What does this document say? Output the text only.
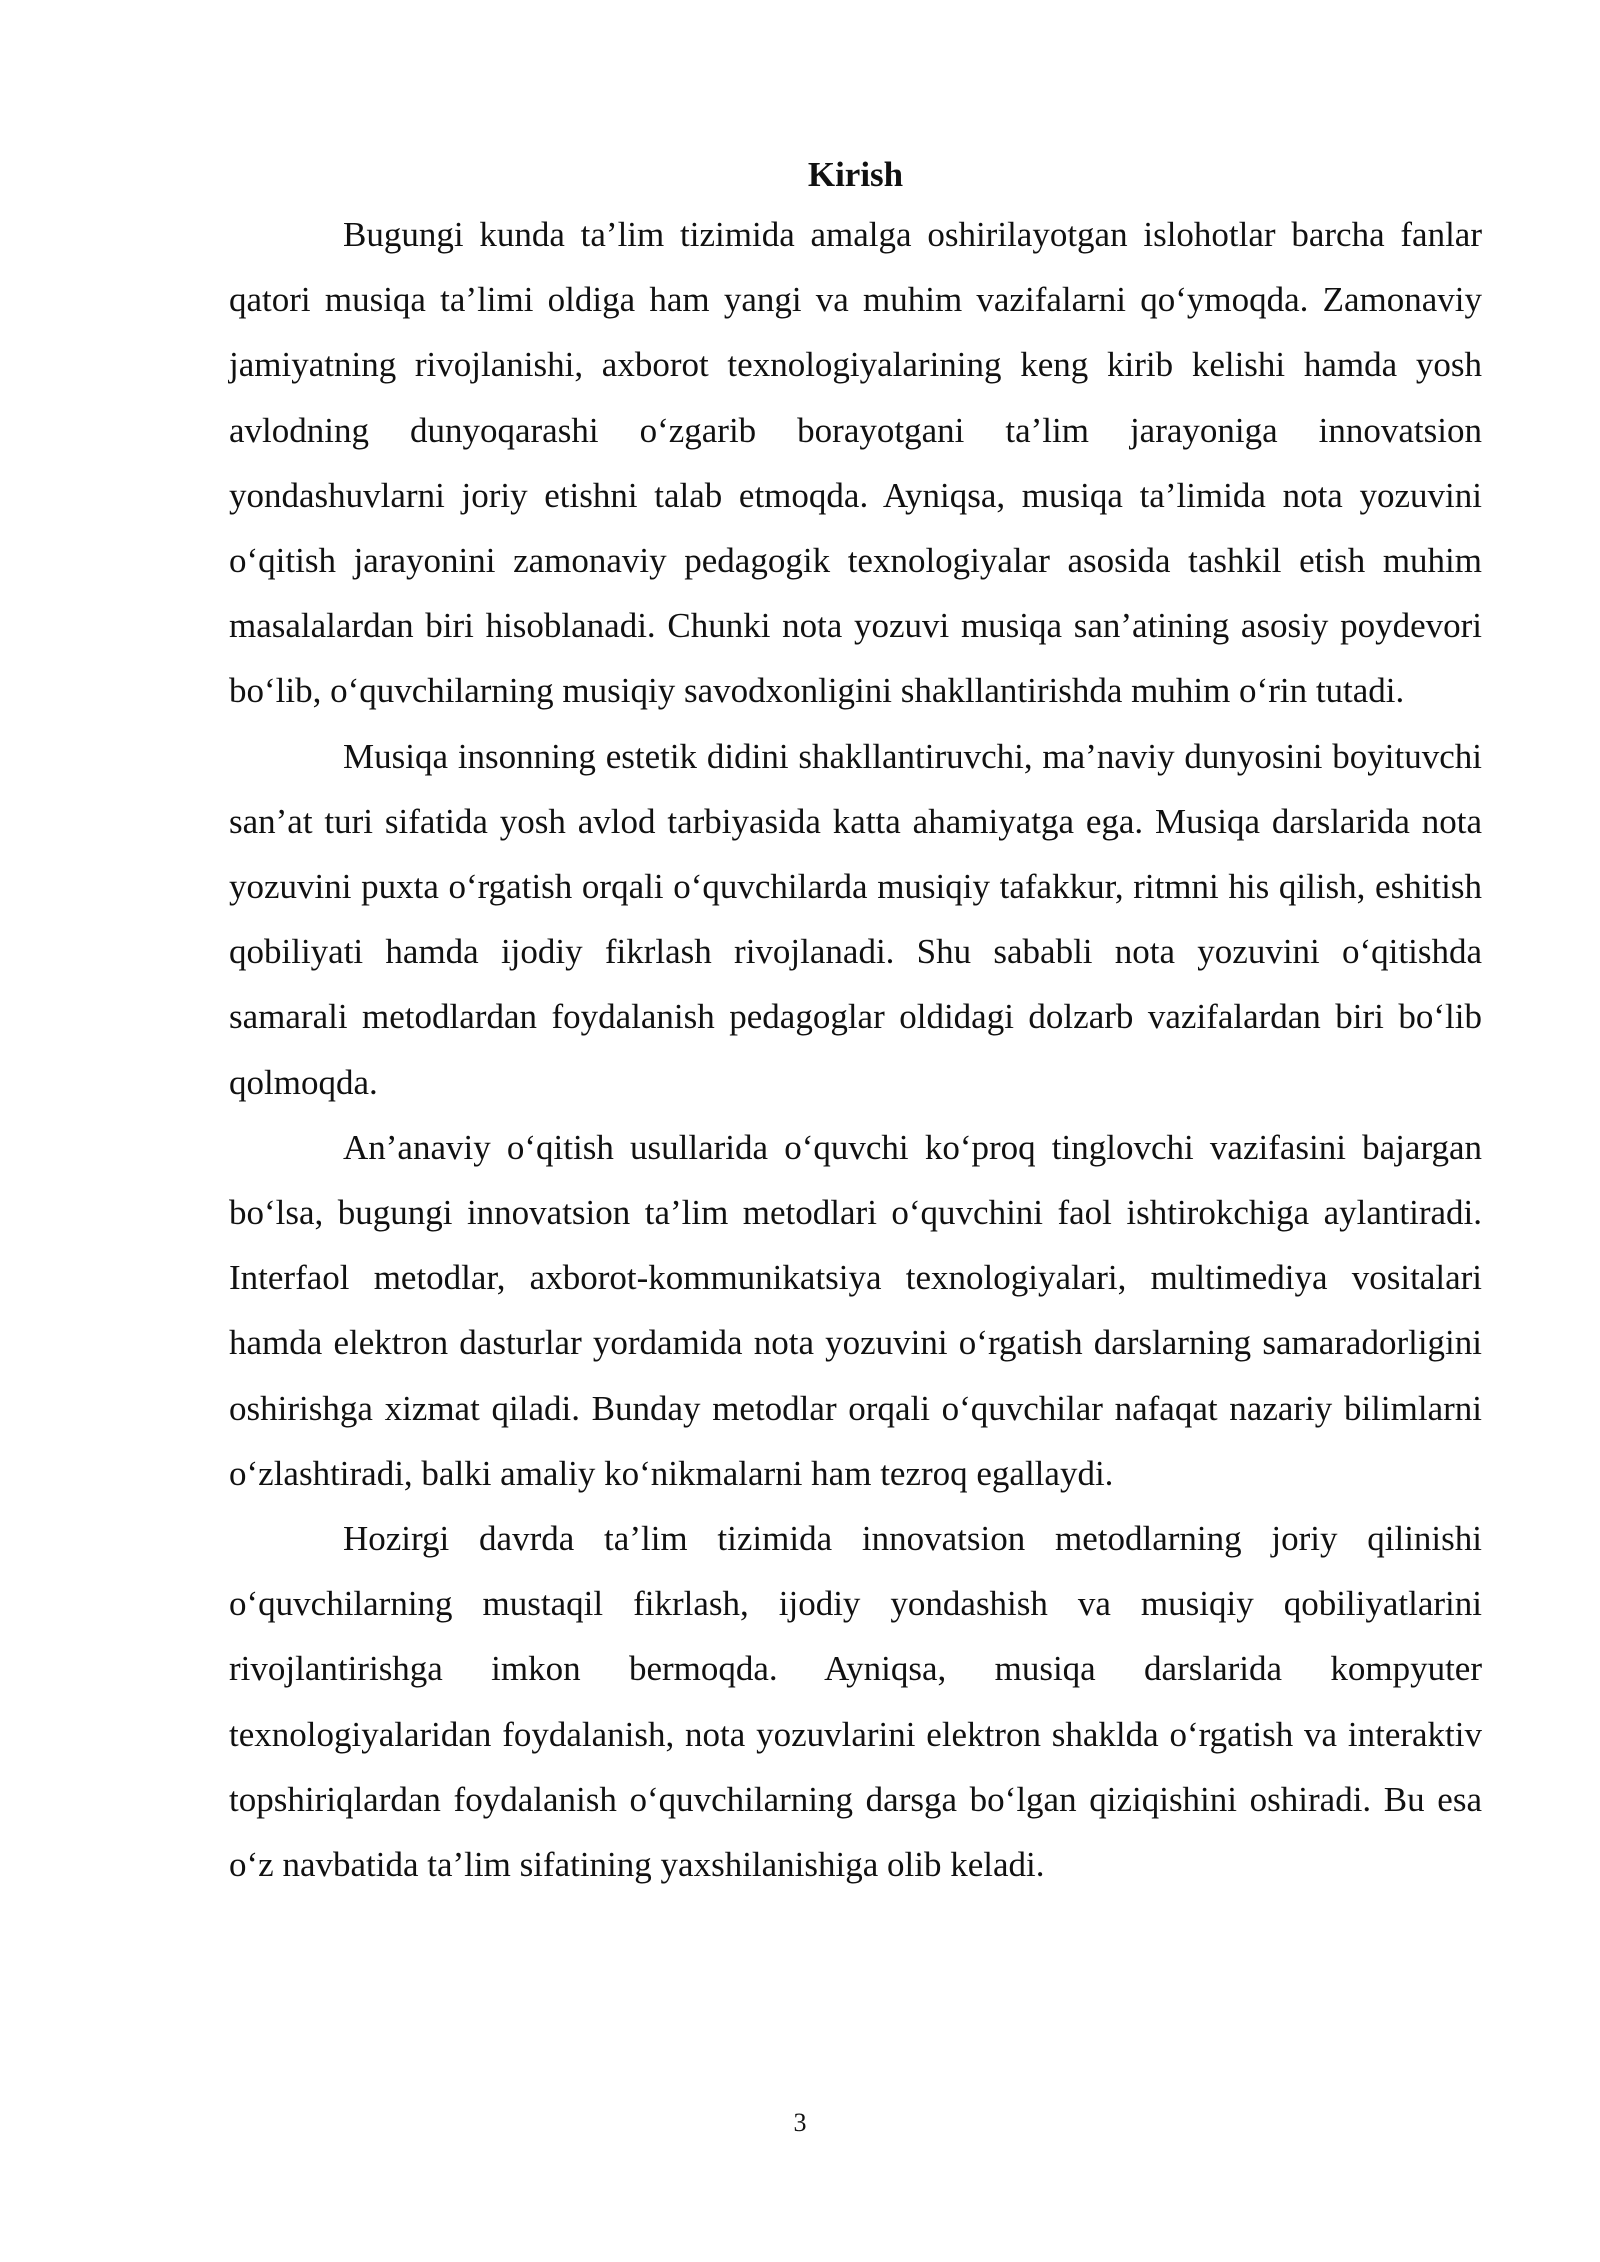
Kirish

Bugungi kunda ta’lim tizimida amalga oshirilayotgan islohotlar barcha fanlar qatori musiqa ta’limi oldiga ham yangi va muhim vazifalarni qo‘ymoqda. Zamonaviy jamiyatning rivojlanishi, axborot texnologiyalarining keng kirib kelishi hamda yosh avlodning dunyoqarashi o‘zgarib borayotgani ta’lim jarayoniga innovatsion yondashuvlarni joriy etishni talab etmoqda. Ayniqsa, musiqa ta’limida nota yozuvini o‘qitish jarayonini zamonaviy pedagogik texnologiyalar asosida tashkil etish muhim masalalardan biri hisoblanadi. Chunki nota yozuvi musiqa san’atining asosiy poydevori bo‘lib, o‘quvchilarning musiqiy savodxonligini shakllantirishda muhim o‘rin tutadi.

Musiqa insonning estetik didini shakllantiruvchi, ma’naviy dunyosini boyituvchi san’at turi sifatida yosh avlod tarbiyasida katta ahamiyatga ega. Musiqa darslarida nota yozuvini puxta o‘rgatish orqali o‘quvchilarda musiqiy tafakkur, ritmni his qilish, eshitish qobiliyati hamda ijodiy fikrlash rivojlanadi. Shu sababli nota yozuvini o‘qitishda samarali metodlardan foydalanish pedagoglar oldidagi dolzarb vazifalardan biri bo‘lib qolmoqda.

An’anaviy o‘qitish usullarida o‘quvchi ko‘proq tinglovchi vazifasini bajargan bo‘lsa, bugungi innovatsion ta’lim metodlari o‘quvchini faol ishtirokchiga aylantiradi. Interfaol metodlar, axborot-kommunikatsiya texnologiyalari, multimediya vositalari hamda elektron dasturlar yordamida nota yozuvini o‘rgatish darslarning samaradorligini oshirishga xizmat qiladi. Bunday metodlar orqali o‘quvchilar nafaqat nazariy bilimlarni o‘zlashtiradi, balki amaliy ko‘nikmalarni ham tezroq egallaydi.

Hozirgi davrda ta’lim tizimida innovatsion metodlarning joriy qilinishi o‘quvchilarning mustaqil fikrlash, ijodiy yondashish va musiqiy qobiliyatlarini rivojlantirishga imkon bermoqda. Ayniqsa, musiqa darslarida kompyuter texnologiyalaridan foydalanish, nota yozuvlarini elektron shaklda o‘rgatish va interaktiv topshiriqlardan foydalanish o‘quvchilarning darsga bo‘lgan qiziqishini oshiradi. Bu esa o‘z navbatida ta’lim sifatining yaxshilanishiga olib keladi.

3
